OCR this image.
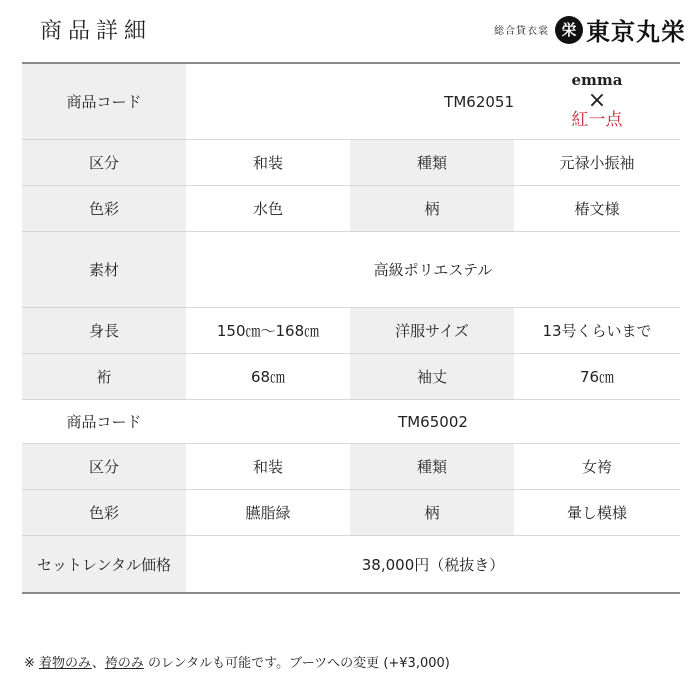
商品詳細	総合貸衣裳 栄 東京丸栄
商品コード	TM62051
emma
×
紅一点
区分	和装	種類	元禄小振袖
色彩	水色	柄	椿文様
素材	高級ポリエステル
身長	150㎝～168㎝	洋服サイズ	13号くらいまで
裄	68㎝	袖丈	76㎝
商品コード	TM65002
区分	和装	種類	女袴
色彩	臙脂緑	柄	暈し模様
セットレンタル価格	38,000円（税抜き）
※ 着物のみ、袴のみ のレンタルも可能です。ブーツへの変更 (+¥3,000)
